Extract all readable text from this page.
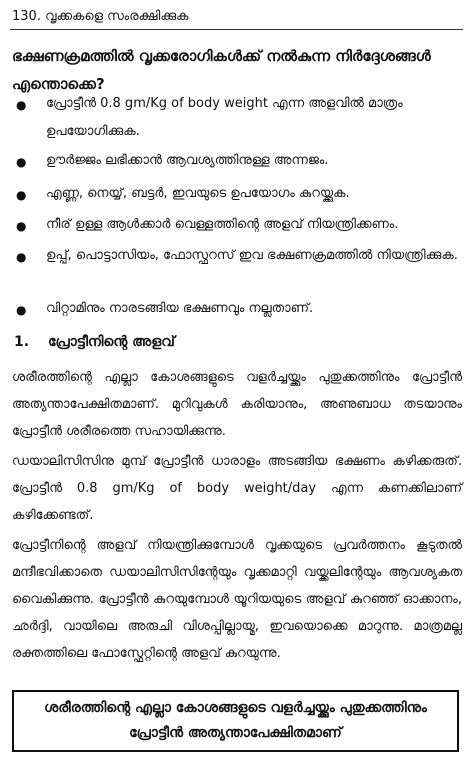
130. വൃക്കകളെ സംരക്ഷിക്കുക
ഭക്ഷണക്രമത്തിൽ വൃക്കരോഗികൾക്ക് നൽകുന്ന നിർദ്ദേശങ്ങൾ എന്തൊക്കെ?
● പ്രോട്ടീൻ 0.8 gm/Kg of body weight എന്ന അളവിൽ മാത്രം ഉപയോഗിക്കുക.
● ഊർജ്ജം ലഭിക്കാൻ ആവശ്യത്തിനുള്ള അന്നജം.
● എണ്ണ, നെയ്യ്, ബട്ടർ, ഇവയുടെ ഉപയോഗം കുറയ്ക്കുക.
● നീര് ഉള്ള ആൾക്കാർ വെള്ളത്തിന്റെ അളവ് നിയന്ത്രിക്കണം.
● ഉപ്പ്, പൊട്ടാസിയം, ഫോസ്ഫറസ് ഇവ ഭക്ഷണക്രമത്തിൽ നിയന്ത്രിക്കുക.
● വിറ്റാമിനും നാരടങ്ങിയ ഭക്ഷണവും നല്ലതാണ്.
1. പ്രോട്ടീനിന്റെ അളവ്
ശരീരത്തിന്റെ എല്ലാ കോശങ്ങളുടെ വളർച്ചയ്ക്കും പുതുക്കത്തിനും പ്രോട്ടീൻ അത്യന്താപേക്ഷിതമാണ്. മുറിവുകൾ കരിയാനും, അണുബാധ തടയാനും പ്രോട്ടീൻ ശരീരത്തെ സഹായിക്കുന്നു.
ഡയാലിസിസിനു മുമ്പ് പ്രോട്ടീൻ ധാരാളം അടങ്ങിയ ഭക്ഷണം കഴിക്കരുത്. പ്രോട്ടീൻ 0.8 gm/Kg of body weight/day എന്ന കണക്കിലാണ് കഴിക്കേണ്ടത്.
പ്രോട്ടീനിന്റെ അളവ് നിയന്ത്രിക്കുമ്പോൾ വൃക്കയുടെ പ്രവർത്തനം കൂടുതൽ മന്ദീഭവിക്കാതെ ഡയാലിസിസിന്റേയും വൃക്കമാറ്റി വയ്ക്കലിന്റേയും ആവശ്യകത വൈകിക്കുന്നു. പ്രോട്ടീൻ കുറയുമ്പോൾ യൂറിയയുടെ അളവ് കുറഞ്ഞ് ഓക്കാനം, ഛർദ്ദി, വായിലെ അരുചി വിശപ്പില്ലായ്മ, ഇവയൊക്കെ മാറുന്നു. മാത്രമല്ല രക്തത്തിലെ ഫോസ്ഫേറ്റിന്റെ അളവ് കുറയുന്നു.
ശരീരത്തിന്റെ എല്ലാ കോശങ്ങളുടെ വളർച്ചയ്ക്കും പുതുക്കത്തിനും പ്രോട്ടീൻ അത്യന്താപേക്ഷിതമാണ്
